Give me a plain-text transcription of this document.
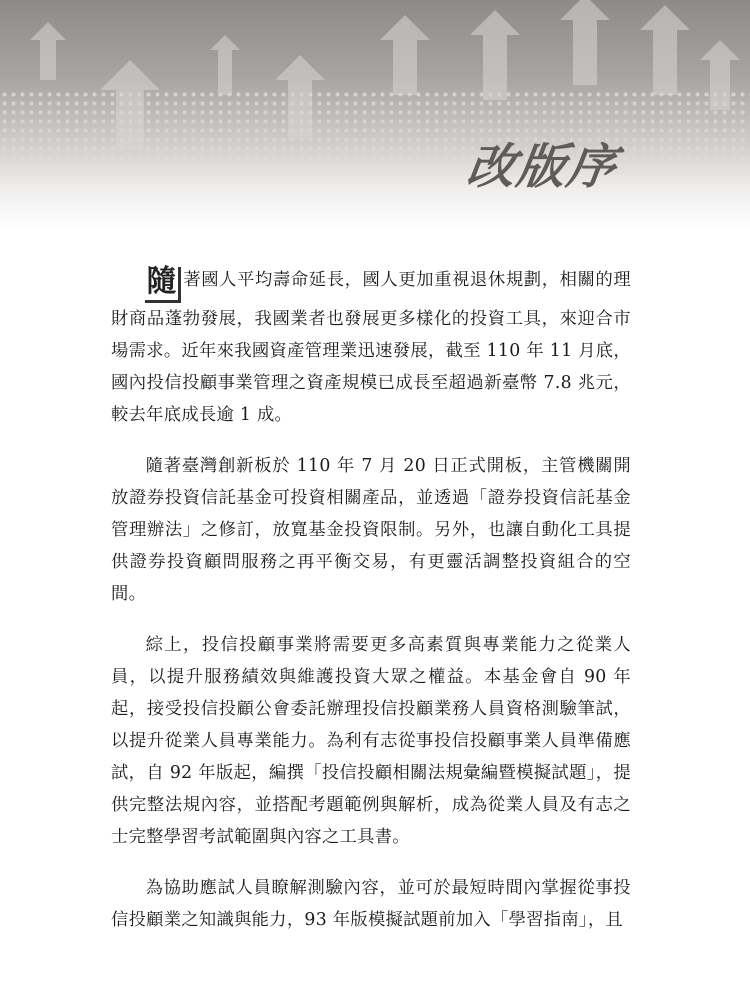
改版序

隨 著國人平均壽命延長，國人更加重視退休規劃，相關的理財商品蓬勃發展，我國業者也發展更多樣化的投資工具，來迎合市場需求。近年來我國資產管理業迅速發展，截至 110 年 11 月底，國內投信投顧事業管理之資產規模已成長至超過新臺幣 7.8 兆元，較去年底成長逾 1 成。

隨著臺灣創新板於 110 年 7 月 20 日正式開板，主管機關開放證券投資信託基金可投資相關產品，並透過「證券投資信託基金管理辦法」之修訂，放寬基金投資限制。另外，也讓自動化工具提供證券投資顧問服務之再平衡交易，有更靈活調整投資組合的空間。

綜上，投信投顧事業將需要更多高素質與專業能力之從業人員，以提升服務績效與維護投資大眾之權益。本基金會自 90 年起，接受投信投顧公會委託辦理投信投顧業務人員資格測驗筆試，以提升從業人員專業能力。為利有志從事投信投顧事業人員準備應試，自 92 年版起，編撰「投信投顧相關法規彙編暨模擬試題」，提供完整法規內容，並搭配考題範例與解析，成為從業人員及有志之士完整學習考試範圍與內容之工具書。

為協助應試人員瞭解測驗內容，並可於最短時間內掌握從事投信投顧業之知識與能力，93 年版模擬試題前加入「學習指南」，且
